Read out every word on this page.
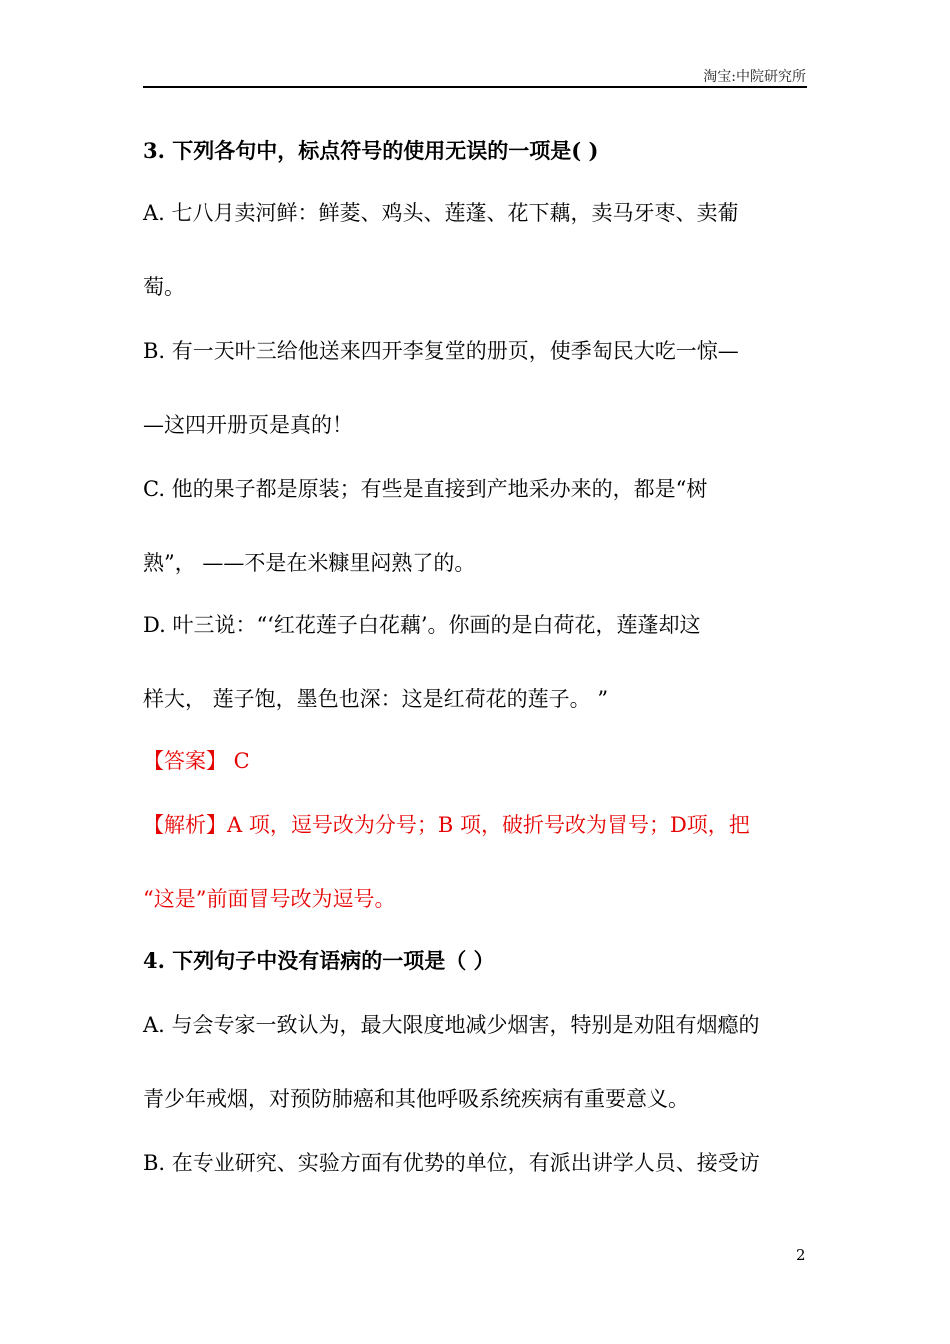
淘宝:中院研究所
3. 下列各句中，标点符号的使用无误的一项是( )
A. 七八月卖河鲜：鲜菱、鸡头、莲蓬、花下藕，卖马牙枣、卖葡
萄。
B. 有一天叶三给他送来四开李复堂的册页，使季匋民大吃一惊—
—这四开册页是真的！
C. 他的果子都是原装；有些是直接到产地采办来的，都是“树
熟”， ——不是在米糠里闷熟了的。
D. 叶三说：“‘红花莲子白花藕’。你画的是白荷花，莲蓬却这
样大， 莲子饱，墨色也深：这是红荷花的莲子。 ”
【答案】 C
【解析】A 项，逗号改为分号；B 项，破折号改为冒号；D项，把
“这是”前面冒号改为逗号。
4. 下列句子中没有语病的一项是（ ）
A. 与会专家一致认为，最大限度地减少烟害，特别是劝阻有烟瘾的
青少年戒烟，对预防肺癌和其他呼吸系统疾病有重要意义。
B. 在专业研究、实验方面有优势的单位，有派出讲学人员、接受访
2
